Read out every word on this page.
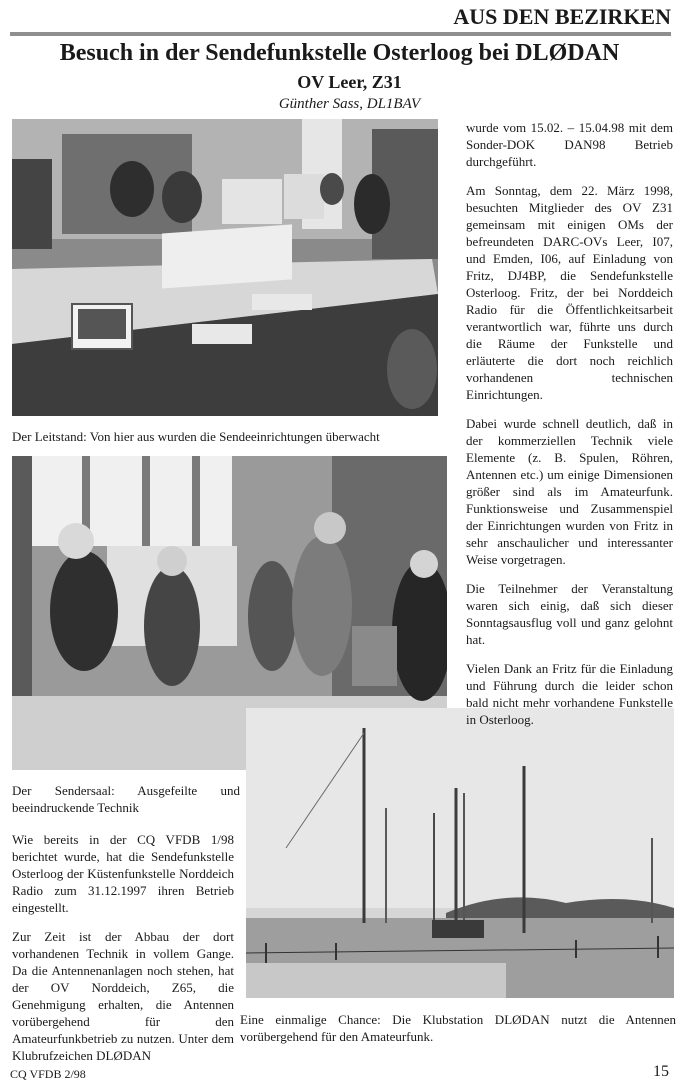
AUS DEN BEZIRKEN
Besuch in der Sendefunkstelle Osterloog bei DLØDAN
OV Leer, Z31
Günther Sass, DL1BAV
Der Leitstand: Von hier aus wurden die Sendeeinrichtungen überwacht
Der Sendersaal: Ausgefeilte und beeindruckende Technik
Eine einmalige Chance: Die Klubstation DLØDAN nutzt die Antennen vorübergehend für den Amateurfunk.

wurde vom 15.02. – 15.04.98 mit dem Sonder-DOK DAN98 Betrieb durchgeführt.

Am Sonntag, dem 22. März 1998, besuchten Mitglieder des OV Z31 gemeinsam mit einigen OMs der befreundeten DARC-OVs Leer, I07, und Emden, I06, auf Einladung von Fritz, DJ4BP, die Sendefunkstelle Osterloog. Fritz, der bei Norddeich Radio für die Öffentlichkeitsarbeit verantwortlich war, führte uns durch die Räume der Funkstelle und erläuterte die dort noch reichlich vorhandenen technischen Einrichtungen.

Dabei wurde schnell deutlich, daß in der kommerziellen Technik viele Elemente (z. B. Spulen, Röhren, Antennen etc.) um einige Dimensionen größer sind als im Amateurfunk. Funktionsweise und Zusammenspiel der Einrichtungen wurden von Fritz in sehr anschaulicher und interessanter Weise vorgetragen.

Die Teilnehmer der Veranstaltung waren sich einig, daß sich dieser Sonntagsausflug voll und ganz gelohnt hat.

Vielen Dank an Fritz für die Einladung und Führung durch die leider schon bald nicht mehr vorhandene Funkstelle in Osterloog.

Wie bereits in der CQ VFDB 1/98 berichtet wurde, hat die Sendefunkstelle Osterloog der Küstenfunkstelle Norddeich Radio zum 31.12.1997 ihren Betrieb eingestellt.

Zur Zeit ist der Abbau der dort vorhandenen Technik in vollem Gange. Da die Antennenanlagen noch stehen, hat der OV Norddeich, Z65, die Genehmigung erhalten, die Antennen vorübergehend für den Amateurfunkbetrieb zu nutzen. Unter dem Klubrufzeichen DLØDAN

CQ VFDB 2/98	15
